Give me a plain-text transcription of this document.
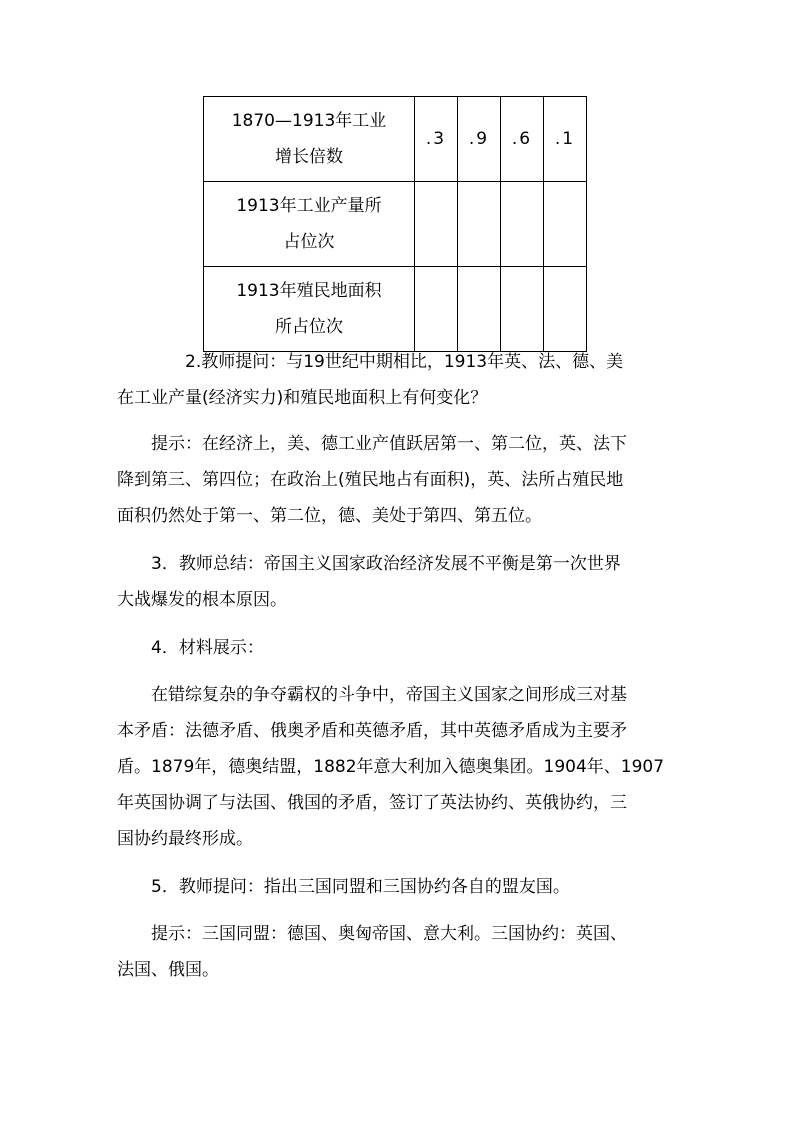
1870—1913年工业
增长倍数	.3	.9	.6	.1

1913年工业产量所
占位次				

1913年殖民地面积
所占位次				

　　　　2.教师提问：与19世纪中期相比，1913年英、法、德、美
在工业产量(经济实力)和殖民地面积上有何变化？
　　提示：在经济上，美、德工业产值跃居第一、第二位，英、法下
降到第三、第四位；在政治上(殖民地占有面积)，英、法所占殖民地
面积仍然处于第一、第二位，德、美处于第四、第五位。
　　3．教师总结：帝国主义国家政治经济发展不平衡是第一次世界
大战爆发的根本原因。
　　4．材料展示：
　　在错综复杂的争夺霸权的斗争中，帝国主义国家之间形成三对基
本矛盾：法德矛盾、俄奥矛盾和英德矛盾，其中英德矛盾成为主要矛
盾。1879年，德奥结盟，1882年意大利加入德奥集团。1904年、1907
年英国协调了与法国、俄国的矛盾，签订了英法协约、英俄协约，三
国协约最终形成。
　　5．教师提问：指出三国同盟和三国协约各自的盟友国。
　　提示：三国同盟：德国、奥匈帝国、意大利。三国协约：英国、
法国、俄国。
